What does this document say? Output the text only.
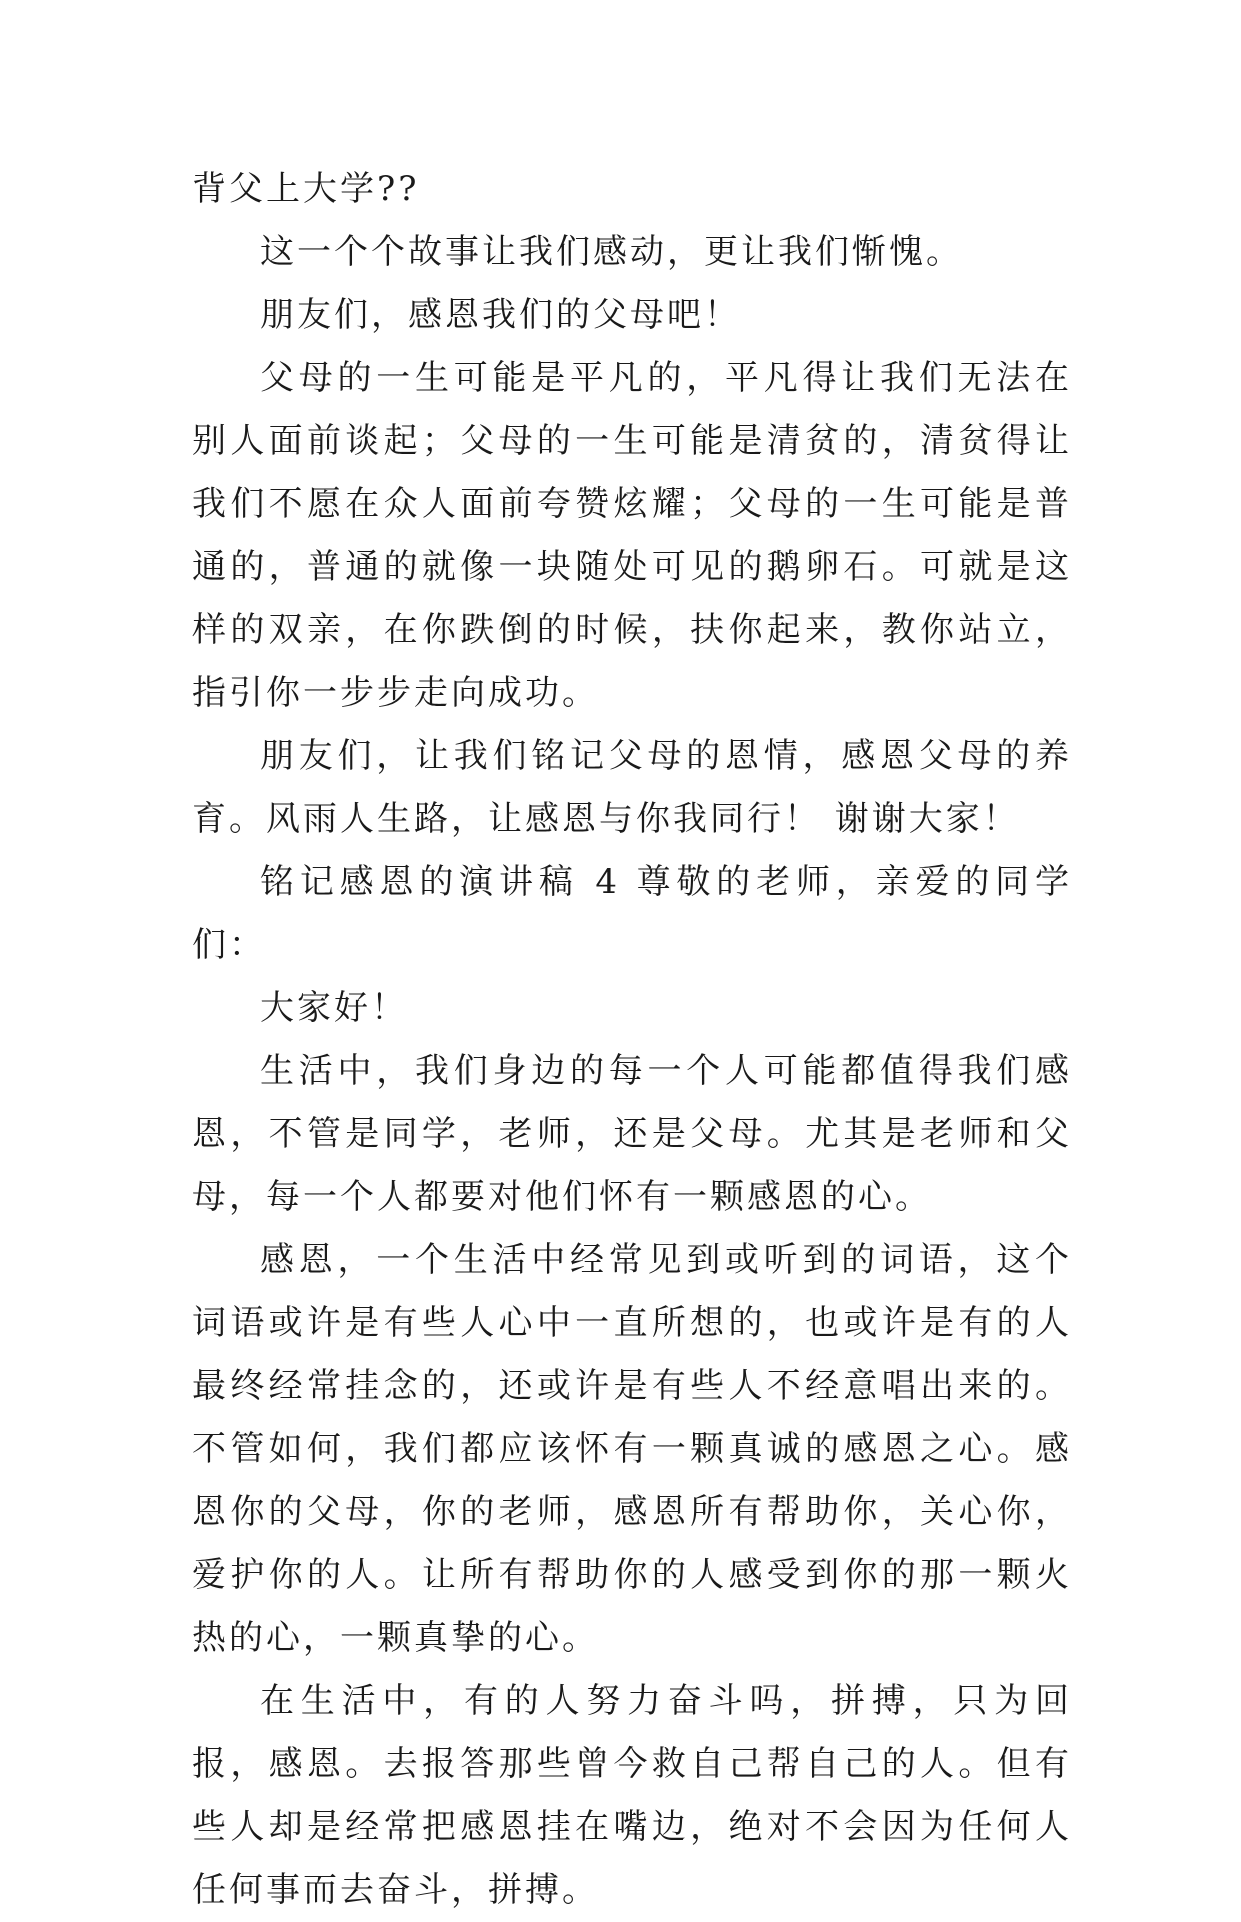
背父上大学??

这一个个故事让我们感动，更让我们惭愧。

朋友们，感恩我们的父母吧！

父母的一生可能是平凡的，平凡得让我们无法在别人面前谈起；父母的一生可能是清贫的，清贫得让我们不愿在众人面前夸赞炫耀；父母的一生可能是普通的，普通的就像一块随处可见的鹅卵石。可就是这样的双亲，在你跌倒的时候，扶你起来，教你站立，指引你一步步走向成功。

朋友们，让我们铭记父母的恩情，感恩父母的养育。风雨人生路，让感恩与你我同行！ 谢谢大家！

铭记感恩的演讲稿 4 尊敬的老师，亲爱的同学们：

大家好！

生活中，我们身边的每一个人可能都值得我们感恩，不管是同学，老师，还是父母。尤其是老师和父母，每一个人都要对他们怀有一颗感恩的心。

感恩，一个生活中经常见到或听到的词语，这个词语或许是有些人心中一直所想的，也或许是有的人最终经常挂念的，还或许是有些人不经意唱出来的。不管如何，我们都应该怀有一颗真诚的感恩之心。感恩你的父母，你的老师，感恩所有帮助你，关心你，爱护你的人。让所有帮助你的人感受到你的那一颗火热的心，一颗真挚的心。

在生活中，有的人努力奋斗吗，拼搏，只为回报，感恩。去报答那些曾今救自己帮自己的人。但有些人却是经常把感恩挂在嘴边，绝对不会因为任何人任何事而去奋斗，拼搏。
